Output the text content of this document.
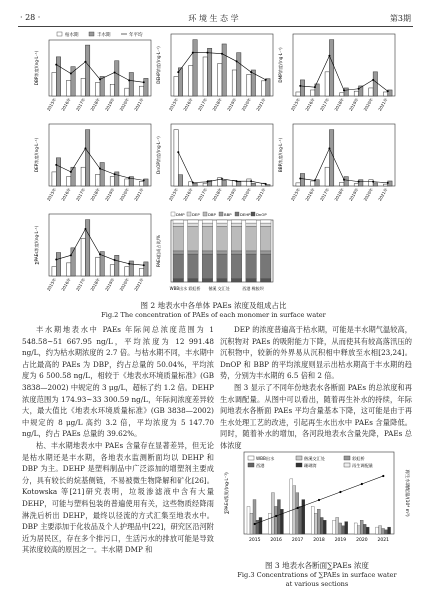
· 28 ·	环 境 生 态 学	第3期
DBP浓度/(ng·L⁻¹)
2015年 2016年 2017年 2018年 2019年 2020年 2021年
枯水期	丰水期	年平均
DEHP浓度/(ng·L⁻¹)
2015年 2016年 2017年 2018年 2019年 2020年 2021年
DMP浓度/(ng·L⁻¹)
2015年 2016年 2017年 2018年 2019年 2020年 2021年
DEP浓度/(ng·L⁻¹)
2015年 2016年 2017年 2018年 2019年 2020年 2021年
DnOP浓度/(ng·L⁻¹)
2015年 2016年 2017年 2018年 2019年 2020年 2021年
BBP浓度/(ng·L⁻¹)
2015年 2016年 2017年 2018年 2019年 2020年 2021年
∑PAEs浓度/(ng·L⁻¹)
2015年 2016年 2017年 2018年 2019年 2020年 2021年
PAEs组成占比/%
DMP DEP DBP BBP DEHP DnOP
WBB出水 彩虹桥 偕溪 交汇处	西港 橡胶坝
图 2 地表水中各单体 PAEs 浓度及组成占比
Fig.2 The concentration of PAEs of each monomer in surface water

丰水期地表水中 PAEs 年际间总浓度范围为 1 548.58~51 667.95 ng/L，平均浓度为 12 991.48 ng/L，约为枯水期浓度的 2.7 倍。与枯水期不同，丰水期中占比最高的 PAEs 为 DBP，约占总量的 50.04%，平均浓度为 6 500.58 ng/L，相较于《地表水环境质量标准》(GB 3838—2002) 中规定的 3 μg/L，超标了约 1.2 倍。DEHP 浓度范围为 174.93~33 300.59 ng/L，年际间浓度差异较大，最大值比《地表水环境质量标准》(GB 3838—2002) 中规定的 8 μg/L 高约 3.2 倍，平均浓度为 5 147.70 ng/L，约占 PAEs 总量的 39.62%。

枯、丰水期地表水中 PAEs 含量存在显著差异，但无论是枯水期还是丰水期，各地表水监测断面均以 DEHP 和 DBP 为主。DEHP 是塑料制品中广泛添加的增塑剂主要成分，具有较长的烷基侧链，不易被微生物降解和矿化[26]。Kotowska 等[21]研究表明，垃圾渗滤液中含有大量 DEHP，可能与塑料包装的普遍使用有关，这些物质经降雨淋洗后析出 DEHP，最终以径流的方式汇集至地表水中。DBP 主要添加于化妆品及个人护理品中[22]，研究区沿河附近为居民区，存在多个排污口，生活污水的排放可能是导致其浓度较高的原因之一。丰水期 DMP 和

DEP 的浓度普遍高于枯水期，可能是丰水期气温较高，沉积物对 PAEs 的吸附能力下降，从而使其有较高落汛压的沉积物中，较新的外界易从沉积相中释放至水相[23,24]。DnOP 和 BBP 的平均浓度则显示出枯水期高于丰水期的趋势，分别为丰水期的 6.5 倍和 2 倍。

图 3 显示了不同年份地表水各断面 PAEs 的总浓度和再生水调配量。从图中可以看出，随着再生补水的持续，年际间地表水各断面 PAEs 平均含量基本下降，这可能是由于再生水处理工艺的改进，引起再生水出水中 PAEs 含量降低。同时，随着补水的增加，各河段地表水含量先降，PAEs 总体浓度

∑PAEs浓度/(ng·L⁻¹)	再生水调配量/(10⁴ m³)
WBB出水	偕溪交汇处	彩虹桥
西港	珊瑚湾	再生调配量
2015 2016 2017 2018 2019 2020 2021
图 3 地表水各断面∑PAEs 浓度
Fig.3 Concentrations of ∑PAEs in surface water
at various sections
